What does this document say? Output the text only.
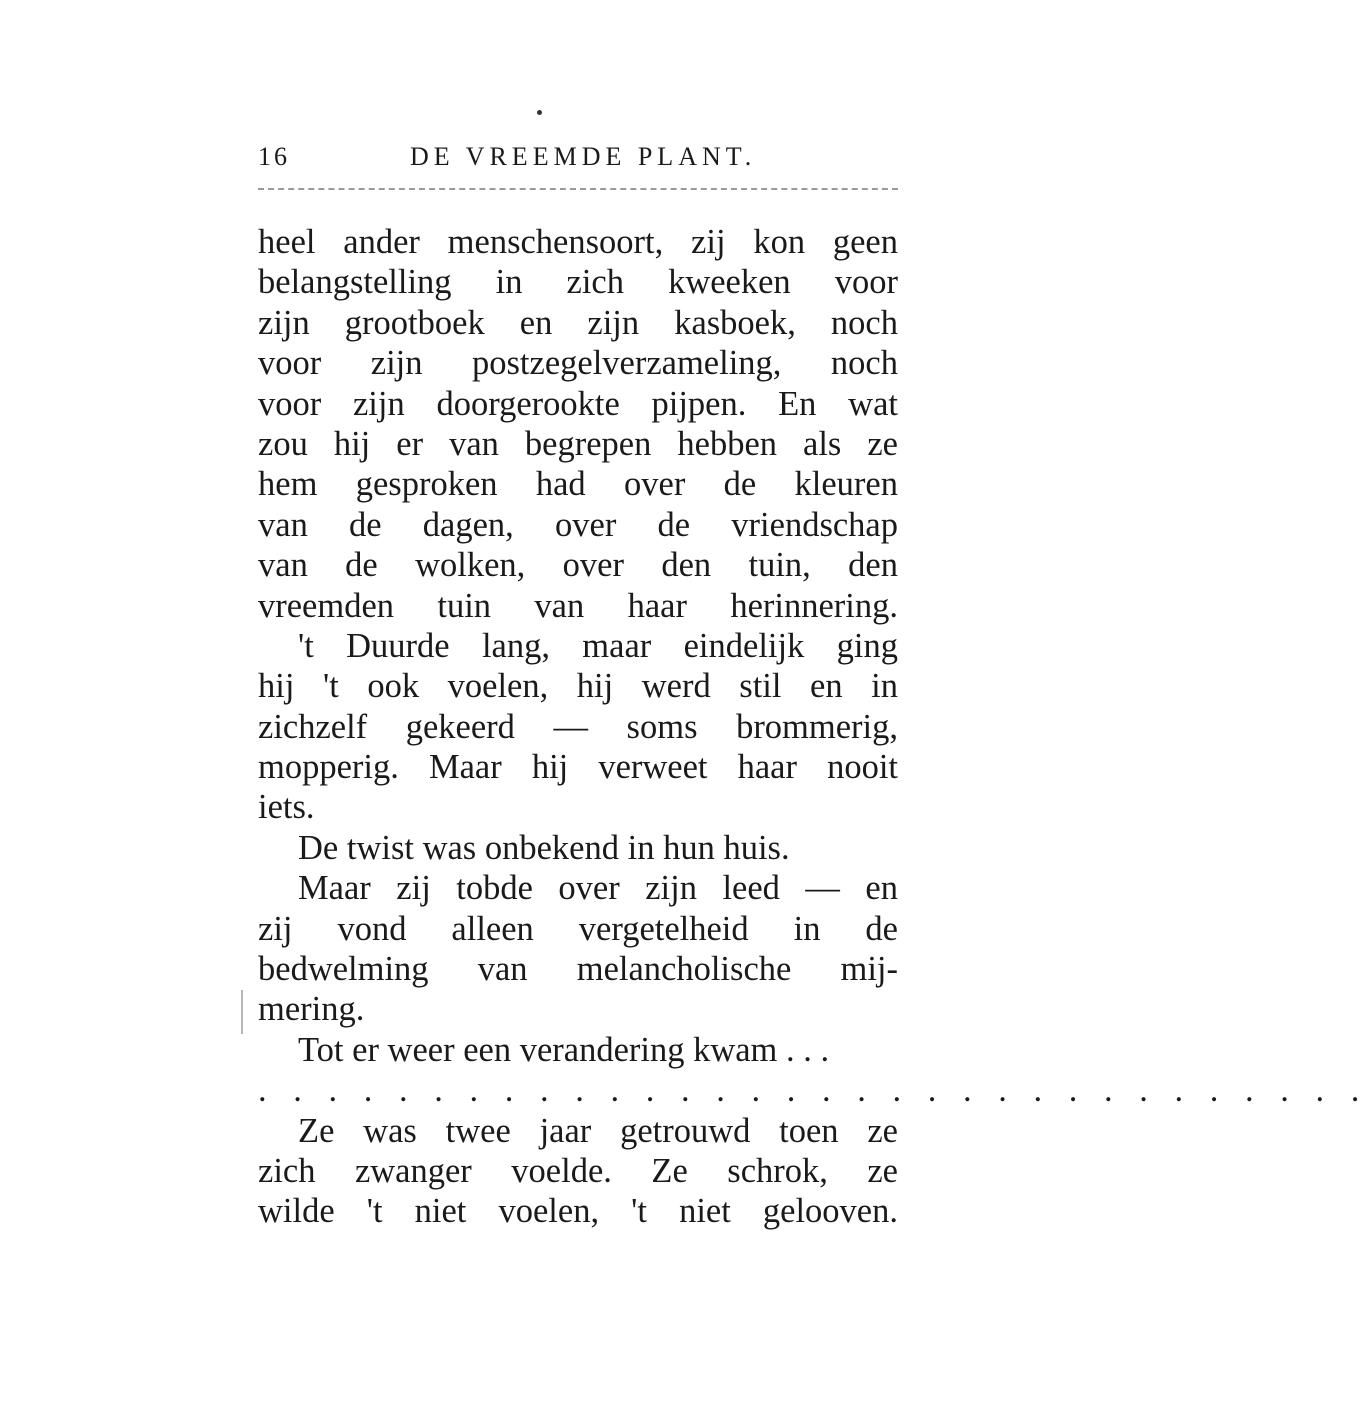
16	DE VREEMDE PLANT.
heel ander menschensoort, zij kon geen
belangstelling in zich kweeken voor
zijn grootboek en zijn kasboek, noch
voor zijn postzegelverzameling, noch
voor zijn doorgerookte pijpen. En wat
zou hij er van begrepen hebben als ze
hem gesproken had over de kleuren
van de dagen, over de vriendschap
van de wolken, over den tuin, den
vreemden tuin van haar herinnering.
't Duurde lang, maar eindelijk ging
hij 't ook voelen, hij werd stil en in
zichzelf gekeerd — soms brommerig,
mopperig. Maar hij verweet haar nooit
iets.
De twist was onbekend in hun huis.
Maar zij tobde over zijn leed — en
zij vond alleen vergetelheid in de
bedwelming van melancholische mij-
mering.
Tot er weer een verandering kwam . . .
. . . . . . . . . . . . . . . . . . . . . . . . . . . . . . . .
Ze was twee jaar getrouwd toen ze
zich zwanger voelde. Ze schrok, ze
wilde 't niet voelen, 't niet gelooven.
